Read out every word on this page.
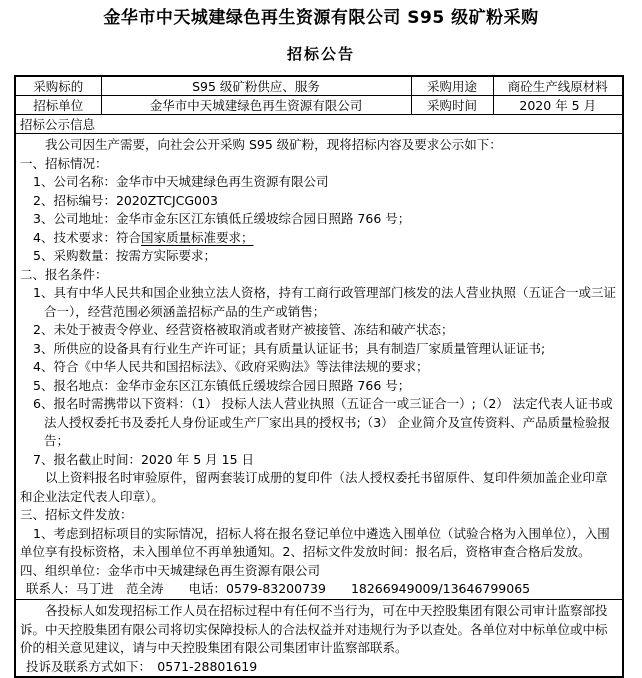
金华市中天城建绿色再生资源有限公司 S95 级矿粉采购
招标公告
采购标的	S95 级矿粉供应、服务	采购用途	商砼生产线原材料
招标单位	金华市中天城建绿色再生资源有限公司	采购时间	2020 年 5 月
招标公示信息			

我公司因生产需要，向社会公开采购 S95 级矿粉，现将招标内容及要求公示如下：
一、招标情况：
1、公司名称：金华市中天城建绿色再生资源有限公司
2、招标编号：2020ZTCJCG003
3、公司地址：金华市金东区江东镇低丘缓坡综合园日照路 766 号；
4、技术要求：符合国家质量标准要求；
5、采购数量：按需方实际要求；
二、报名条件：
1、具有中华人民共和国企业独立法人资格，持有工商行政管理部门核发的法人营业执照（五证合一或三证合一），经营范围必须涵盖招标产品的生产或销售；
2、未处于被责令停业、经营资格被取消或者财产被接管、冻结和破产状态；
3、所供应的设备具有行业生产许可证；具有质量认证证书；具有制造厂家质量管理认证证书;
4、符合《中华人民共和国招标法》、《政府采购法》等法律法规的要求；
5、报名地点：金华市金东区江东镇低丘缓坡综合园日照路 766 号；
6、报名时需携带以下资料：（1） 投标人法人营业执照（五证合一或三证合一）;（2） 法定代表人证书或法人授权委托书及委托人身份证或生产厂家出具的授权书;（3） 企业简介及宣传资料、产品质量检验报告；
7、报名截止时间：2020 年 5 月 15 日
以上资料报名时审验原件，留两套装订成册的复印件（法人授权委托书留原件、复印件须加盖企业印章和企业法定代表人印章）。
三、招标文件发放：
1、考虑到招标项目的实际情况，招标人将在报名登记单位中遴选入围单位（试验合格为入围单位），入围单位享有投标资格，未入围单位不再单独通知。2、招标文件发放时间：报名后，资格审查合格后发放。
四、组织单位：金华市中天城建绿色再生资源有限公司
联系人：马丁进　范全涛　　电话：0579-83200739　　18266949009/13646799065

各投标人如发现招标工作人员在招标过程中有任何不当行为，可在中天控股集团有限公司审计监察部投诉。中天控股集团有限公司将切实保障投标人的合法权益并对违规行为予以查处。各单位对中标单位或中标价的相关意见建议，请与中天控股集团有限公司集团审计监察部联系。
投诉及联系方式如下：　0571-28801619			
